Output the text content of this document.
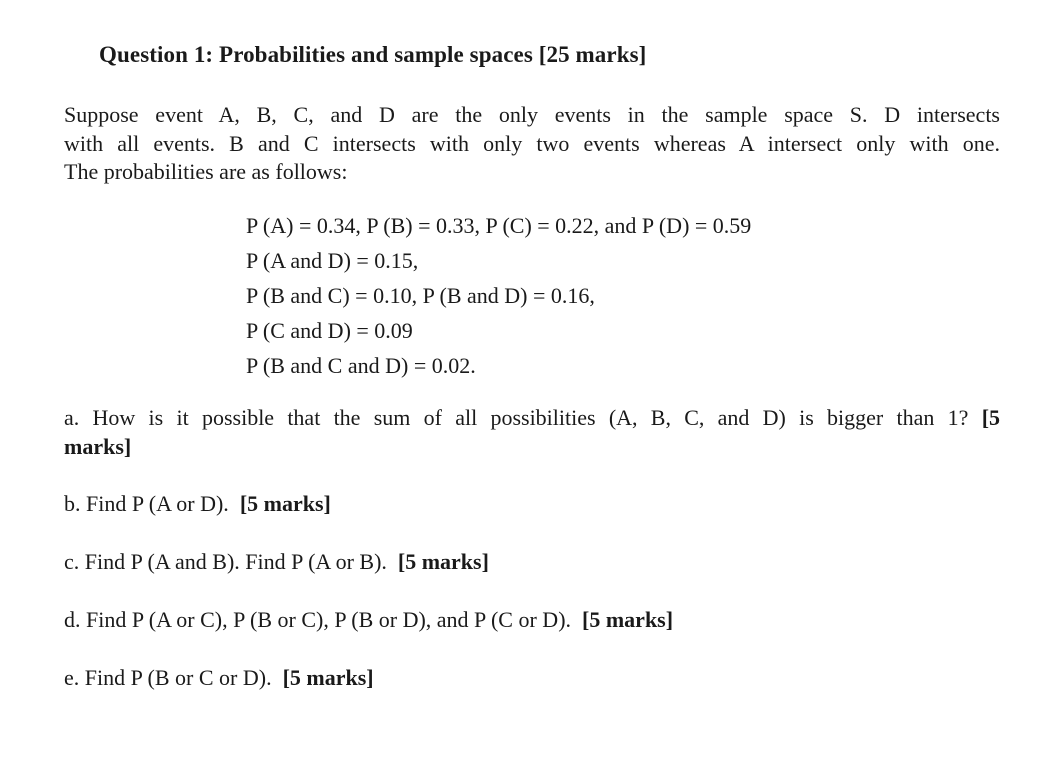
Question 1: Probabilities and sample spaces [25 marks]
Suppose event A, B, C, and D are the only events in the sample space S. D intersects
with all events. B and C intersects with only two events whereas A intersect only with one.
The probabilities are as follows:
P (A) = 0.34, P (B) = 0.33, P (C) = 0.22, and P (D) = 0.59
P (A and D) = 0.15,
P (B and C) = 0.10, P (B and D) = 0.16,
P (C and D) = 0.09
P (B and C and D) = 0.02.
a. How is it possible that the sum of all possibilities (A, B, C, and D) is bigger than 1? [5
marks]
b. Find P (A or D). [5 marks]
c. Find P (A and B). Find P (A or B). [5 marks]
d. Find P (A or C), P (B or C), P (B or D), and P (C or D). [5 marks]
e. Find P (B or C or D). [5 marks]
